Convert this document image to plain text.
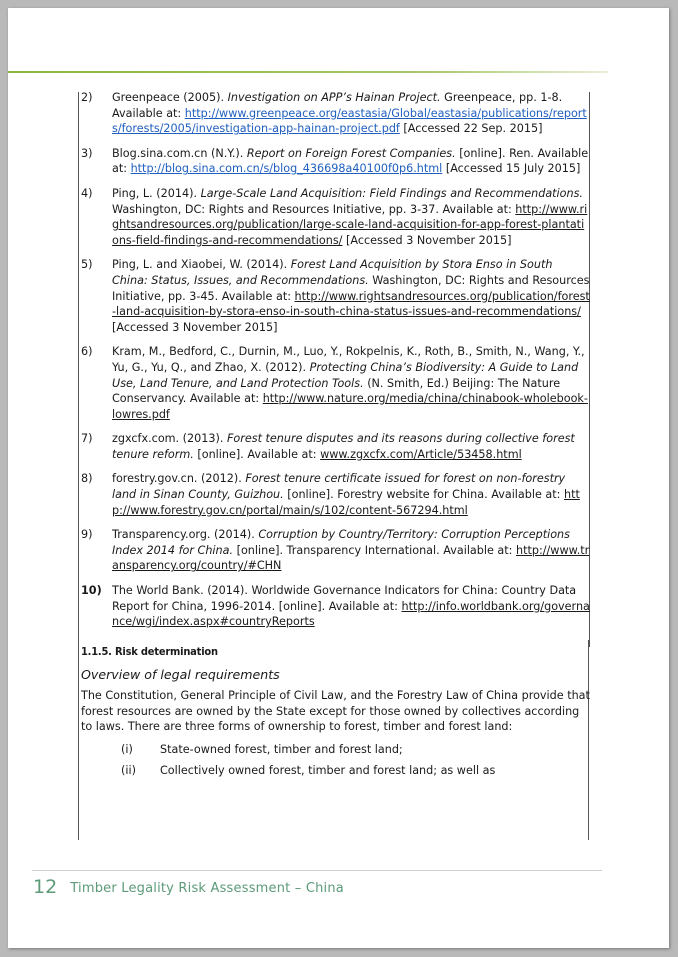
2) Greenpeace (2005). Investigation on APP’s Hainan Project. Greenpeace, pp. 1-8. Available at: http://www.greenpeace.org/eastasia/Global/eastasia/publications/reports/forests/2005/investigation-app-hainan-project.pdf [Accessed 22 Sep. 2015]
3) Blog.sina.com.cn (N.Y.). Report on Foreign Forest Companies. [online]. Ren. Available at: http://blog.sina.com.cn/s/blog_436698a40100f0p6.html [Accessed 15 July 2015]
4) Ping, L. (2014). Large-Scale Land Acquisition: Field Findings and Recommendations. Washington, DC: Rights and Resources Initiative, pp. 3-37. Available at: http://www.rightsandresources.org/publication/large-scale-land-acquisition-for-app-forest-plantations-field-findings-and-recommendations/ [Accessed 3 November 2015]
5) Ping, L. and Xiaobei, W. (2014). Forest Land Acquisition by Stora Enso in South China: Status, Issues, and Recommendations. Washington, DC: Rights and Resources Initiative, pp. 3-45. Available at: http://www.rightsandresources.org/publication/forest-land-acquisition-by-stora-enso-in-south-china-status-issues-and-recommendations/ [Accessed 3 November 2015]
6) Kram, M., Bedford, C., Durnin, M., Luo, Y., Rokpelnis, K., Roth, B., Smith, N., Wang, Y., Yu, G., Yu, Q., and Zhao, X. (2012). Protecting China’s Biodiversity: A Guide to Land Use, Land Tenure, and Land Protection Tools. (N. Smith, Ed.) Beijing: The Nature Conservancy. Available at: http://www.nature.org/media/china/chinabook-wholebook-lowres.pdf
7) zgxcfx.com. (2013). Forest tenure disputes and its reasons during collective forest tenure reform. [online]. Available at: www.zgxcfx.com/Article/53458.html
8) forestry.gov.cn. (2012). Forest tenure certificate issued for forest on non-forestry land in Sinan County, Guizhou. [online]. Forestry website for China. Available at: http://www.forestry.gov.cn/portal/main/s/102/content-567294.html
9) Transparency.org. (2014). Corruption by Country/Territory: Corruption Perceptions Index 2014 for China. [online]. Transparency International. Available at: http://www.transparency.org/country/#CHN
10) The World Bank. (2014). Worldwide Governance Indicators for China: Country Data Report for China, 1996-2014. [online]. Available at: http://info.worldbank.org/governance/wgi/index.aspx#countryReports
1.1.5. Risk determination
Overview of legal requirements
The Constitution, General Principle of Civil Law, and the Forestry Law of China provide that forest resources are owned by the State except for those owned by collectives according to laws. There are three forms of ownership to forest, timber and forest land:
(i) State-owned forest, timber and forest land;
(ii) Collectively owned forest, timber and forest land; as well as
12 Timber Legality Risk Assessment – China
